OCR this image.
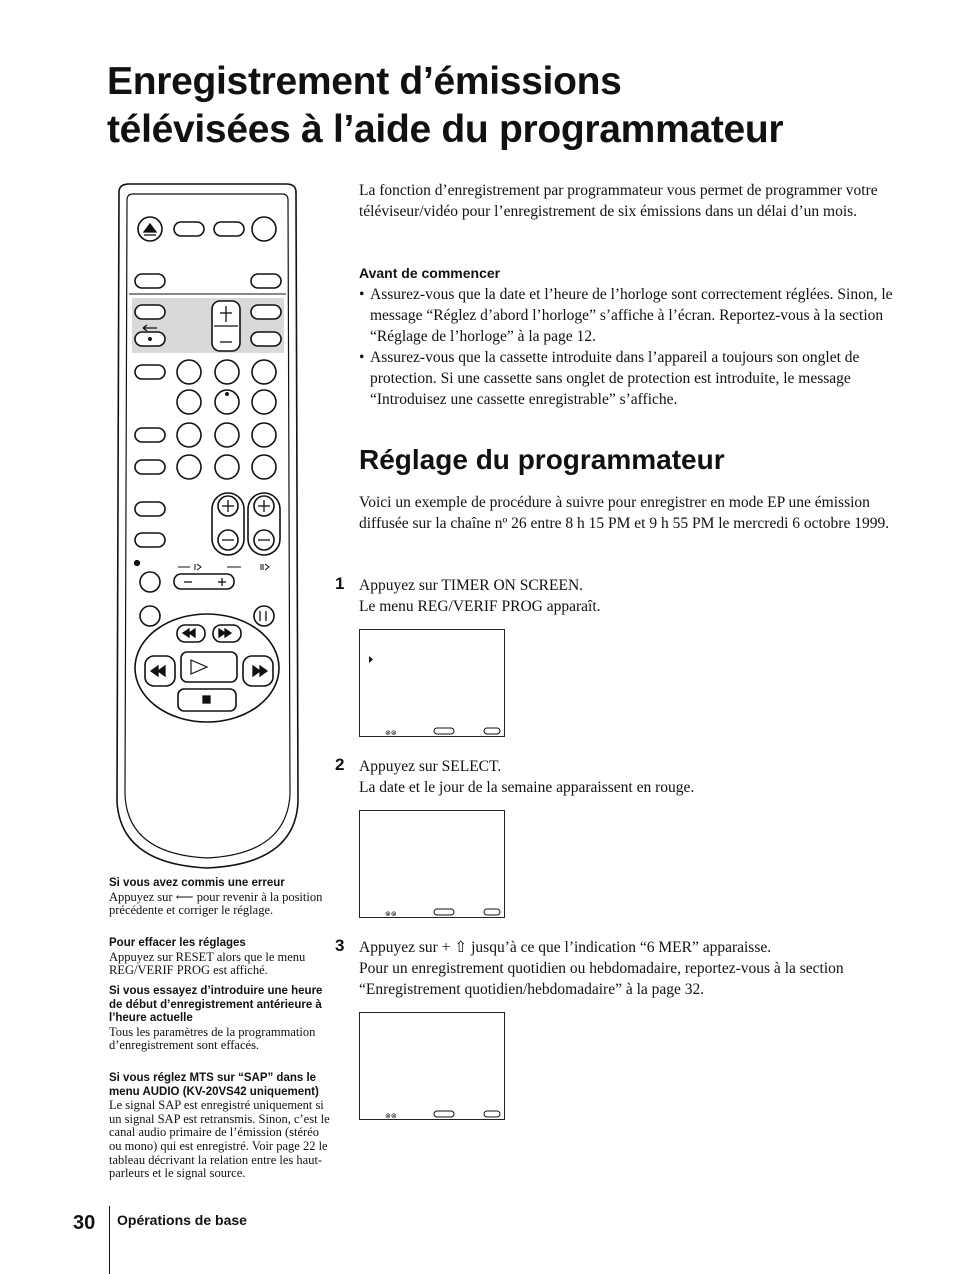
Enregistrement d’émissions
télévisées à l’aide du programmateur

La fonction d’enregistrement par programmateur vous permet de programmer votre téléviseur/vidéo pour l’enregistrement de six émissions dans un délai d’un mois.

Avant de commencer
• Assurez-vous que la date et l’heure de l’horloge sont correctement réglées. Sinon, le message “Réglez d’abord l’horloge” s’affiche à l’écran. Reportez-vous à la section “Réglage de l’horloge” à la page 12.
• Assurez-vous que la cassette introduite dans l’appareil a toujours son onglet de protection. Si une cassette sans onglet de protection est introduite, le message “Introduisez une cassette enregistrable” s’affiche.
Réglage du programmateur

Voici un exemple de procédure à suivre pour enregistrer en mode EP une émission diffusée sur la chaîne nº 26 entre 8 h 15 PM et 9 h 55 PM le mercredi 6 octobre 1999.

1 Appuyez sur TIMER ON SCREEN.
Le menu REG/VERIF PROG apparaît.
⊗⊗
2 Appuyez sur SELECT.
La date et le jour de la semaine apparaissent en rouge.
⊗⊗
3 Appuyez sur + ⇧ jusqu’à ce que l’indication “6 MER” apparaisse.
Pour un enregistrement quotidien ou hebdomadaire, reportez-vous à la section “Enregistrement quotidien/hebdomadaire” à la page 32.
⊗⊗
Si vous avez commis une erreur
Appuyez sur ⟵ pour revenir à la position précédente et corriger le réglage.
Pour effacer les réglages
Appuyez sur RESET alors que le menu REG/VERIF PROG est affiché.
Si vous essayez d’introduire une heure de début d’enregistrement antérieure à l’heure actuelle
Tous les paramètres de la programmation d’enregistrement sont effacés.
Si vous réglez MTS sur “SAP” dans le menu AUDIO (KV-20VS42 uniquement)
Le signal SAP est enregistré uniquement si un signal SAP est retransmis. Sinon, c’est le canal audio primaire de l’émission (stéréo ou mono) qui est enregistré. Voir page 22 le tableau décrivant la relation entre les haut-parleurs et le signal source.
30 Opérations de base
